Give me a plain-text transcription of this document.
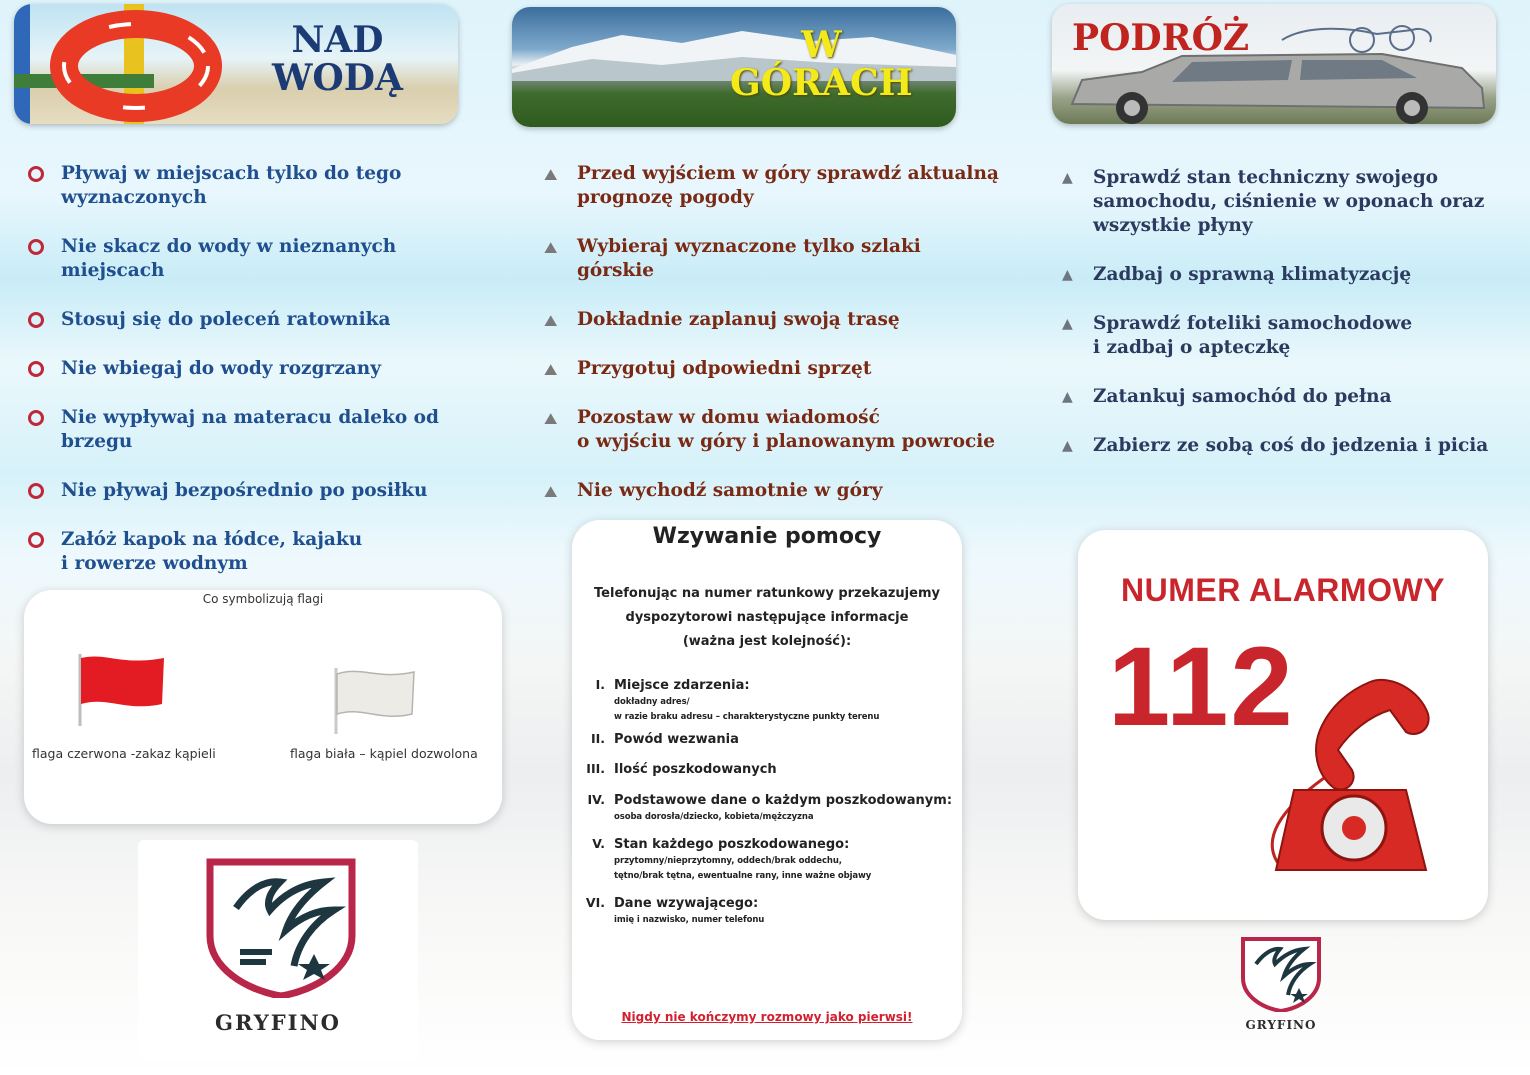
NAD
WODĄ
W
GÓRACH
PODRÓŻ
Pływaj w miejscach tylko do tego
wyznaczonych
Nie skacz do wody w nieznanych miejscach
Stosuj się do poleceń ratownika
Nie wbiegaj do wody rozgrzany
Nie wypływaj na materacu daleko od brzegu
Nie pływaj bezpośrednio po posiłku
Załóż kapok na łódce, kajaku
i rowerze wodnym
⛰ Przed wyjściem w góry sprawdź aktualną
prognozę pogody
⛰ Wybieraj wyznaczone tylko szlaki górskie
⛰ Dokładnie zaplanuj swoją trasę
⛰ Przygotuj odpowiedni sprzęt
⛰ Pozostaw w domu wiadomość
o wyjściu w góry i planowanym powrocie
⛰ Nie wychodź samotnie w góry
▲ Sprawdź stan techniczny swojego
samochodu, ciśnienie w oponach oraz
wszystkie płyny
▲ Zadbaj o sprawną klimatyzację
▲ Sprawdź foteliki samochodowe
i zadbaj o apteczkę
▲ Zatankuj samochód do pełna
▲ Zabierz ze sobą coś do jedzenia i picia
Co symbolizują flagi
flaga czerwona -zakaz kąpieli	flaga biała – kąpiel dozwolona
Wzywanie pomocy
Telefonując na numer ratunkowy przekazujemy
dyspozytorowi następujące informacje
(ważna jest kolejność):
I. Miejsce zdarzenia:
dokładny adres/
w razie braku adresu – charakterystyczne punkty terenu
II. Powód wezwania
III. Ilość poszkodowanych
IV. Podstawowe dane o każdym poszkodowanym:
osoba dorosła/dziecko, kobieta/mężczyzna
V. Stan każdego poszkodowanego:
przytomny/nieprzytomny, oddech/brak oddechu,
tętno/brak tętna, ewentualne rany, inne ważne objawy
VI. Dane wzywającego:
imię i nazwisko, numer telefonu
Nigdy nie kończymy rozmowy jako pierwsi!
NUMER ALARMOWY
112
GRYFINO	GRYFINO
